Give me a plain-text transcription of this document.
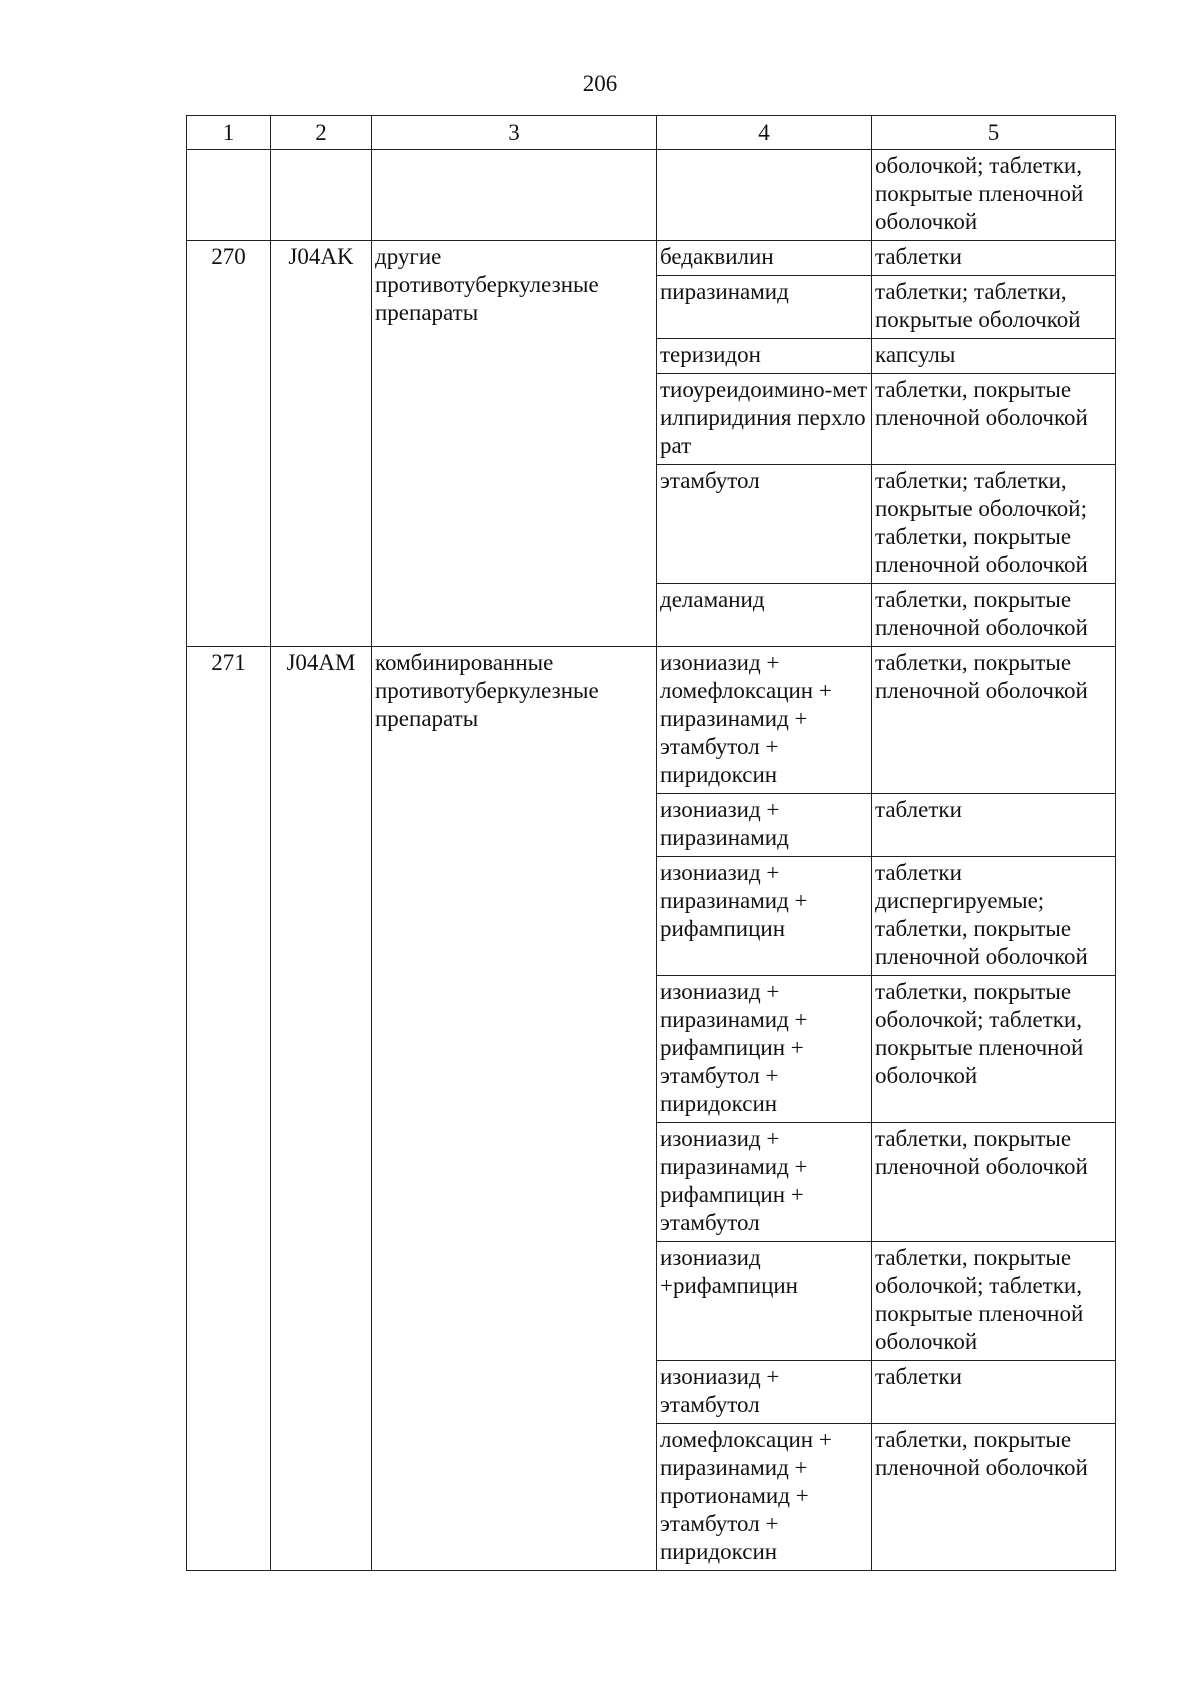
206
1	2	3	4	5
				оболочкой; таблетки, покрытые пленочной оболочкой
270	J04AK	другие противотуберкулезные препараты	бедаквилин	таблетки
			пиразинамид	таблетки; таблетки, покрытые оболочкой
			теризидон	капсулы
			тиоуреидоимино-метилпиридиния перхлорат	таблетки, покрытые пленочной оболочкой
			этамбутол	таблетки; таблетки, покрытые оболочкой; таблетки, покрытые пленочной оболочкой
			деламанид	таблетки, покрытые пленочной оболочкой
271	J04AM	комбинированные противотуберкулезные препараты	изониазид + ломефлоксацин + пиразинамид + этамбутол + пиридоксин	таблетки, покрытые пленочной оболочкой
			изониазид + пиразинамид	таблетки
			изониазид + пиразинамид + рифампицин	таблетки диспергируемые; таблетки, покрытые пленочной оболочкой
			изониазид + пиразинамид + рифампицин + этамбутол + пиридоксин	таблетки, покрытые оболочкой; таблетки, покрытые пленочной оболочкой
			изониазид + пиразинамид + рифампицин + этамбутол	таблетки, покрытые пленочной оболочкой
			изониазид +рифампицин	таблетки, покрытые оболочкой; таблетки, покрытые пленочной оболочкой
			изониазид + этамбутол	таблетки
			ломефлоксацин + пиразинамид + протионамид + этамбутол + пиридоксин	таблетки, покрытые пленочной оболочкой
